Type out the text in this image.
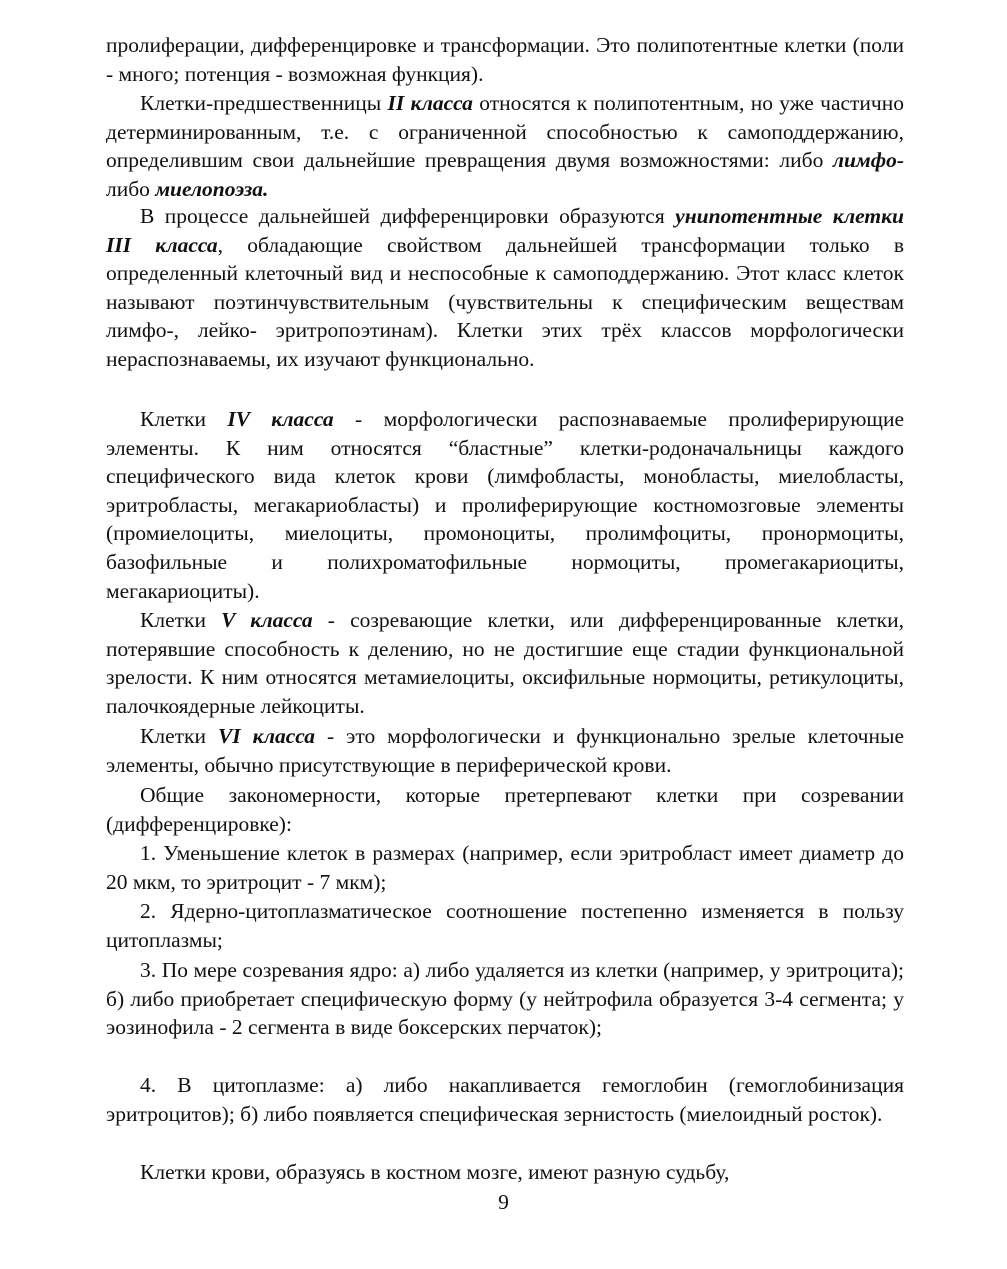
пролиферации, дифференцировке и трансформации. Это полипотентные клетки (поли - много; потенция - возможная функция).

Клетки-предшественницы II класса относятся к полипотентным, но уже частично детерминированным, т.е. с ограниченной способностью к самоподдержанию, определившим свои дальнейшие превращения двумя возможностями: либо лимфо- либо миелопоэза.

В процессе дальнейшей дифференцировки образуются унипотентные клетки III класса, обладающие свойством дальнейшей трансформации только в определенный клеточный вид и неспособные к самоподдержанию. Этот класс клеток называют поэтинчувствительным (чувствительны к специфическим веществам лимфо-, лейко- эритропоэтинам). Клетки этих трёх классов морфологически нераспознаваемы, их изучают функционально.

Клетки IV класса - морфологически распознаваемые пролиферирующие элементы. К ним относятся “бластные” клетки-родоначальницы каждого специфического вида клеток крови (лимфобласты, монобласты, миелобласты, эритробласты, мегакариобласты) и пролиферирующие костномозговые элементы (промиелоциты, миелоциты, промоноциты, пролимфоциты, пронормоциты, базофильные и полихроматофильные нормоциты, промегакариоциты, мегакариоциты).

Клетки V класса - созревающие клетки, или дифференцированные клетки, потерявшие способность к делению, но не достигшие еще стадии функциональной зрелости. К ним относятся метамиелоциты, оксифильные нормоциты, ретикулоциты, палочкоядерные лейкоциты.

Клетки VI класса - это морфологически и функционально зрелые клеточные элементы, обычно присутствующие в периферической крови.

Общие закономерности, которые претерпевают клетки при созревании (дифференцировке):

1. Уменьшение клеток в размерах (например, если эритробласт имеет диаметр до 20 мкм, то эритроцит - 7 мкм);

2. Ядерно-цитоплазматическое соотношение постепенно изменяется в пользу цитоплазмы;

3. По мере созревания ядро: а) либо удаляется из клетки (например, у эритроцита); б) либо приобретает специфическую форму (у нейтрофила образуется 3-4 сегмента; у эозинофила - 2 сегмента в виде боксерских перчаток);

4. В цитоплазме: а) либо накапливается гемоглобин (гемоглобинизация эритроцитов); б) либо появляется специфическая зернистость (миелоидный росток).

Клетки крови, образуясь в костном мозге, имеют разную судьбу,

9
